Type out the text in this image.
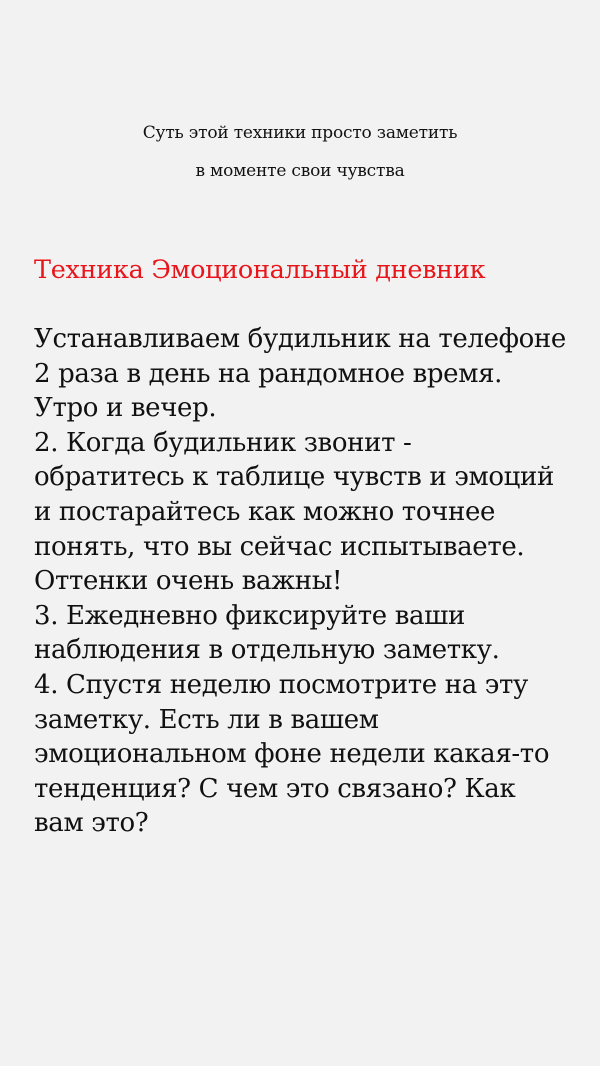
Суть этой техники просто заметить
в моменте свои чувства
Техника Эмоциональный дневник
Устанавливаем будильник на телефоне
2 раза в день на рандомное время.
Утро и вечер.
2. Когда будильник звонит -
обратитесь к таблице чувств и эмоций
и постарайтесь как можно точнее
понять, что вы сейчас испытываете.
Оттенки очень важны!
3. Ежедневно фиксируйте ваши
наблюдения в отдельную заметку.
4. Спустя неделю посмотрите на эту
заметку. Есть ли в вашем
эмоциональном фоне недели какая-то
тенденция? С чем это связано? Как
вам это?
